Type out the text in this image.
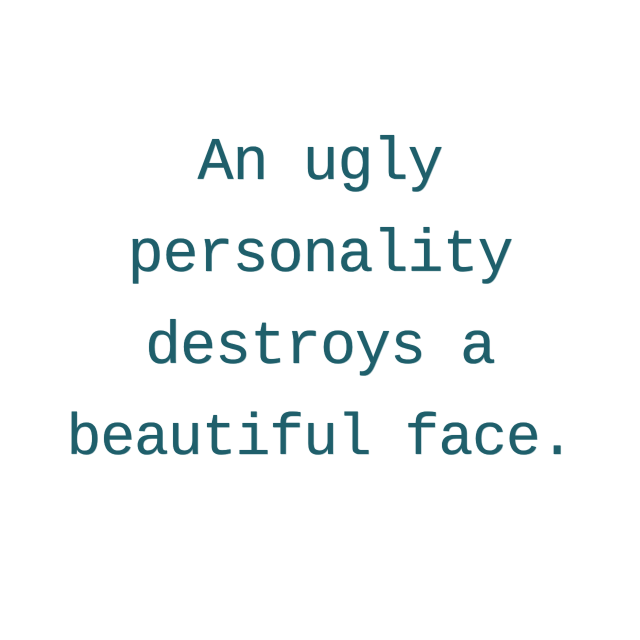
An ugly
personality
destroys a
beautiful face.
